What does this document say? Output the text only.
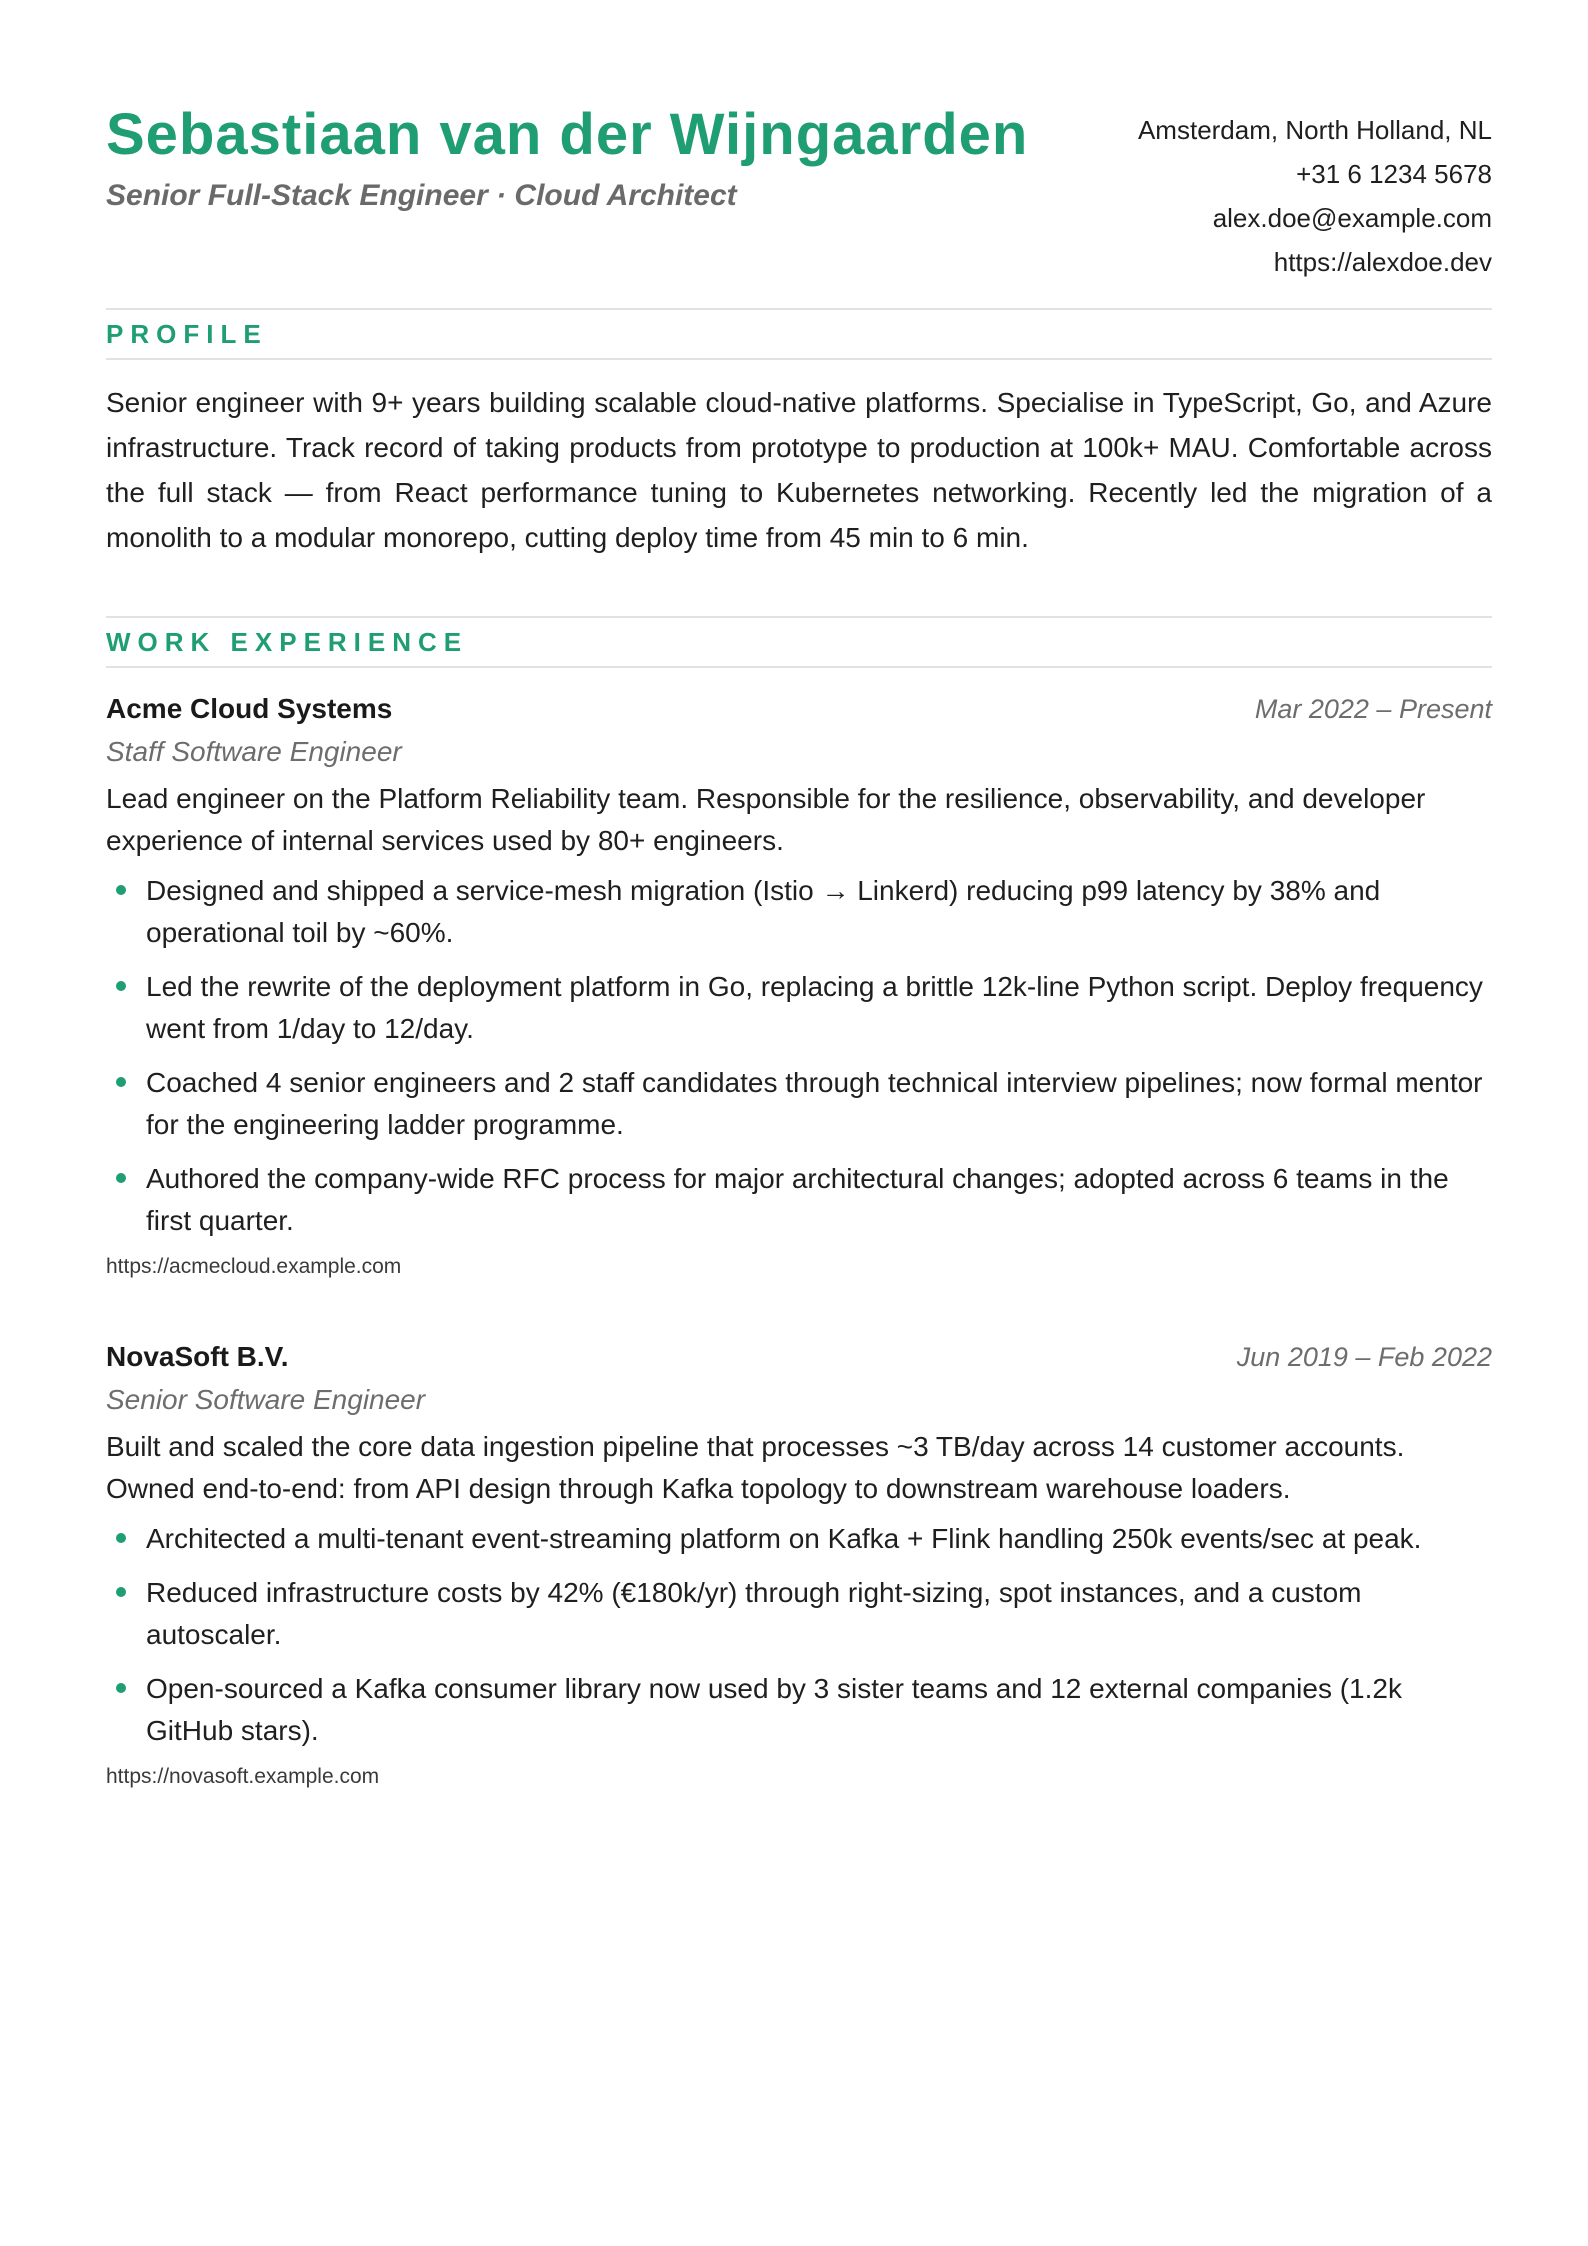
Sebastiaan van der Wijngaarden
Senior Full-Stack Engineer · Cloud Architect
Amsterdam, North Holland, NL
+31 6 1234 5678
alex.doe@example.com
https://alexdoe.dev
PROFILE
Senior engineer with 9+ years building scalable cloud-native platforms. Specialise in TypeScript, Go, and Azure infrastructure. Track record of taking products from prototype to production at 100k+ MAU. Comfortable across the full stack — from React performance tuning to Kubernetes networking. Recently led the migration of a monolith to a modular monorepo, cutting deploy time from 45 min to 6 min.
WORK EXPERIENCE
Acme Cloud Systems	Mar 2022 – Present
Staff Software Engineer
Lead engineer on the Platform Reliability team. Responsible for the resilience, observability, and developer experience of internal services used by 80+ engineers.
Designed and shipped a service-mesh migration (Istio → Linkerd) reducing p99 latency by 38% and operational toil by ~60%.
Led the rewrite of the deployment platform in Go, replacing a brittle 12k-line Python script. Deploy frequency went from 1/day to 12/day.
Coached 4 senior engineers and 2 staff candidates through technical interview pipelines; now formal mentor for the engineering ladder programme.
Authored the company-wide RFC process for major architectural changes; adopted across 6 teams in the first quarter.
https://acmecloud.example.com
NovaSoft B.V.	Jun 2019 – Feb 2022
Senior Software Engineer
Built and scaled the core data ingestion pipeline that processes ~3 TB/day across 14 customer accounts. Owned end-to-end: from API design through Kafka topology to downstream warehouse loaders.
Architected a multi-tenant event-streaming platform on Kafka + Flink handling 250k events/sec at peak.
Reduced infrastructure costs by 42% (€180k/yr) through right-sizing, spot instances, and a custom autoscaler.
Open-sourced a Kafka consumer library now used by 3 sister teams and 12 external companies (1.2k GitHub stars).
https://novasoft.example.com
